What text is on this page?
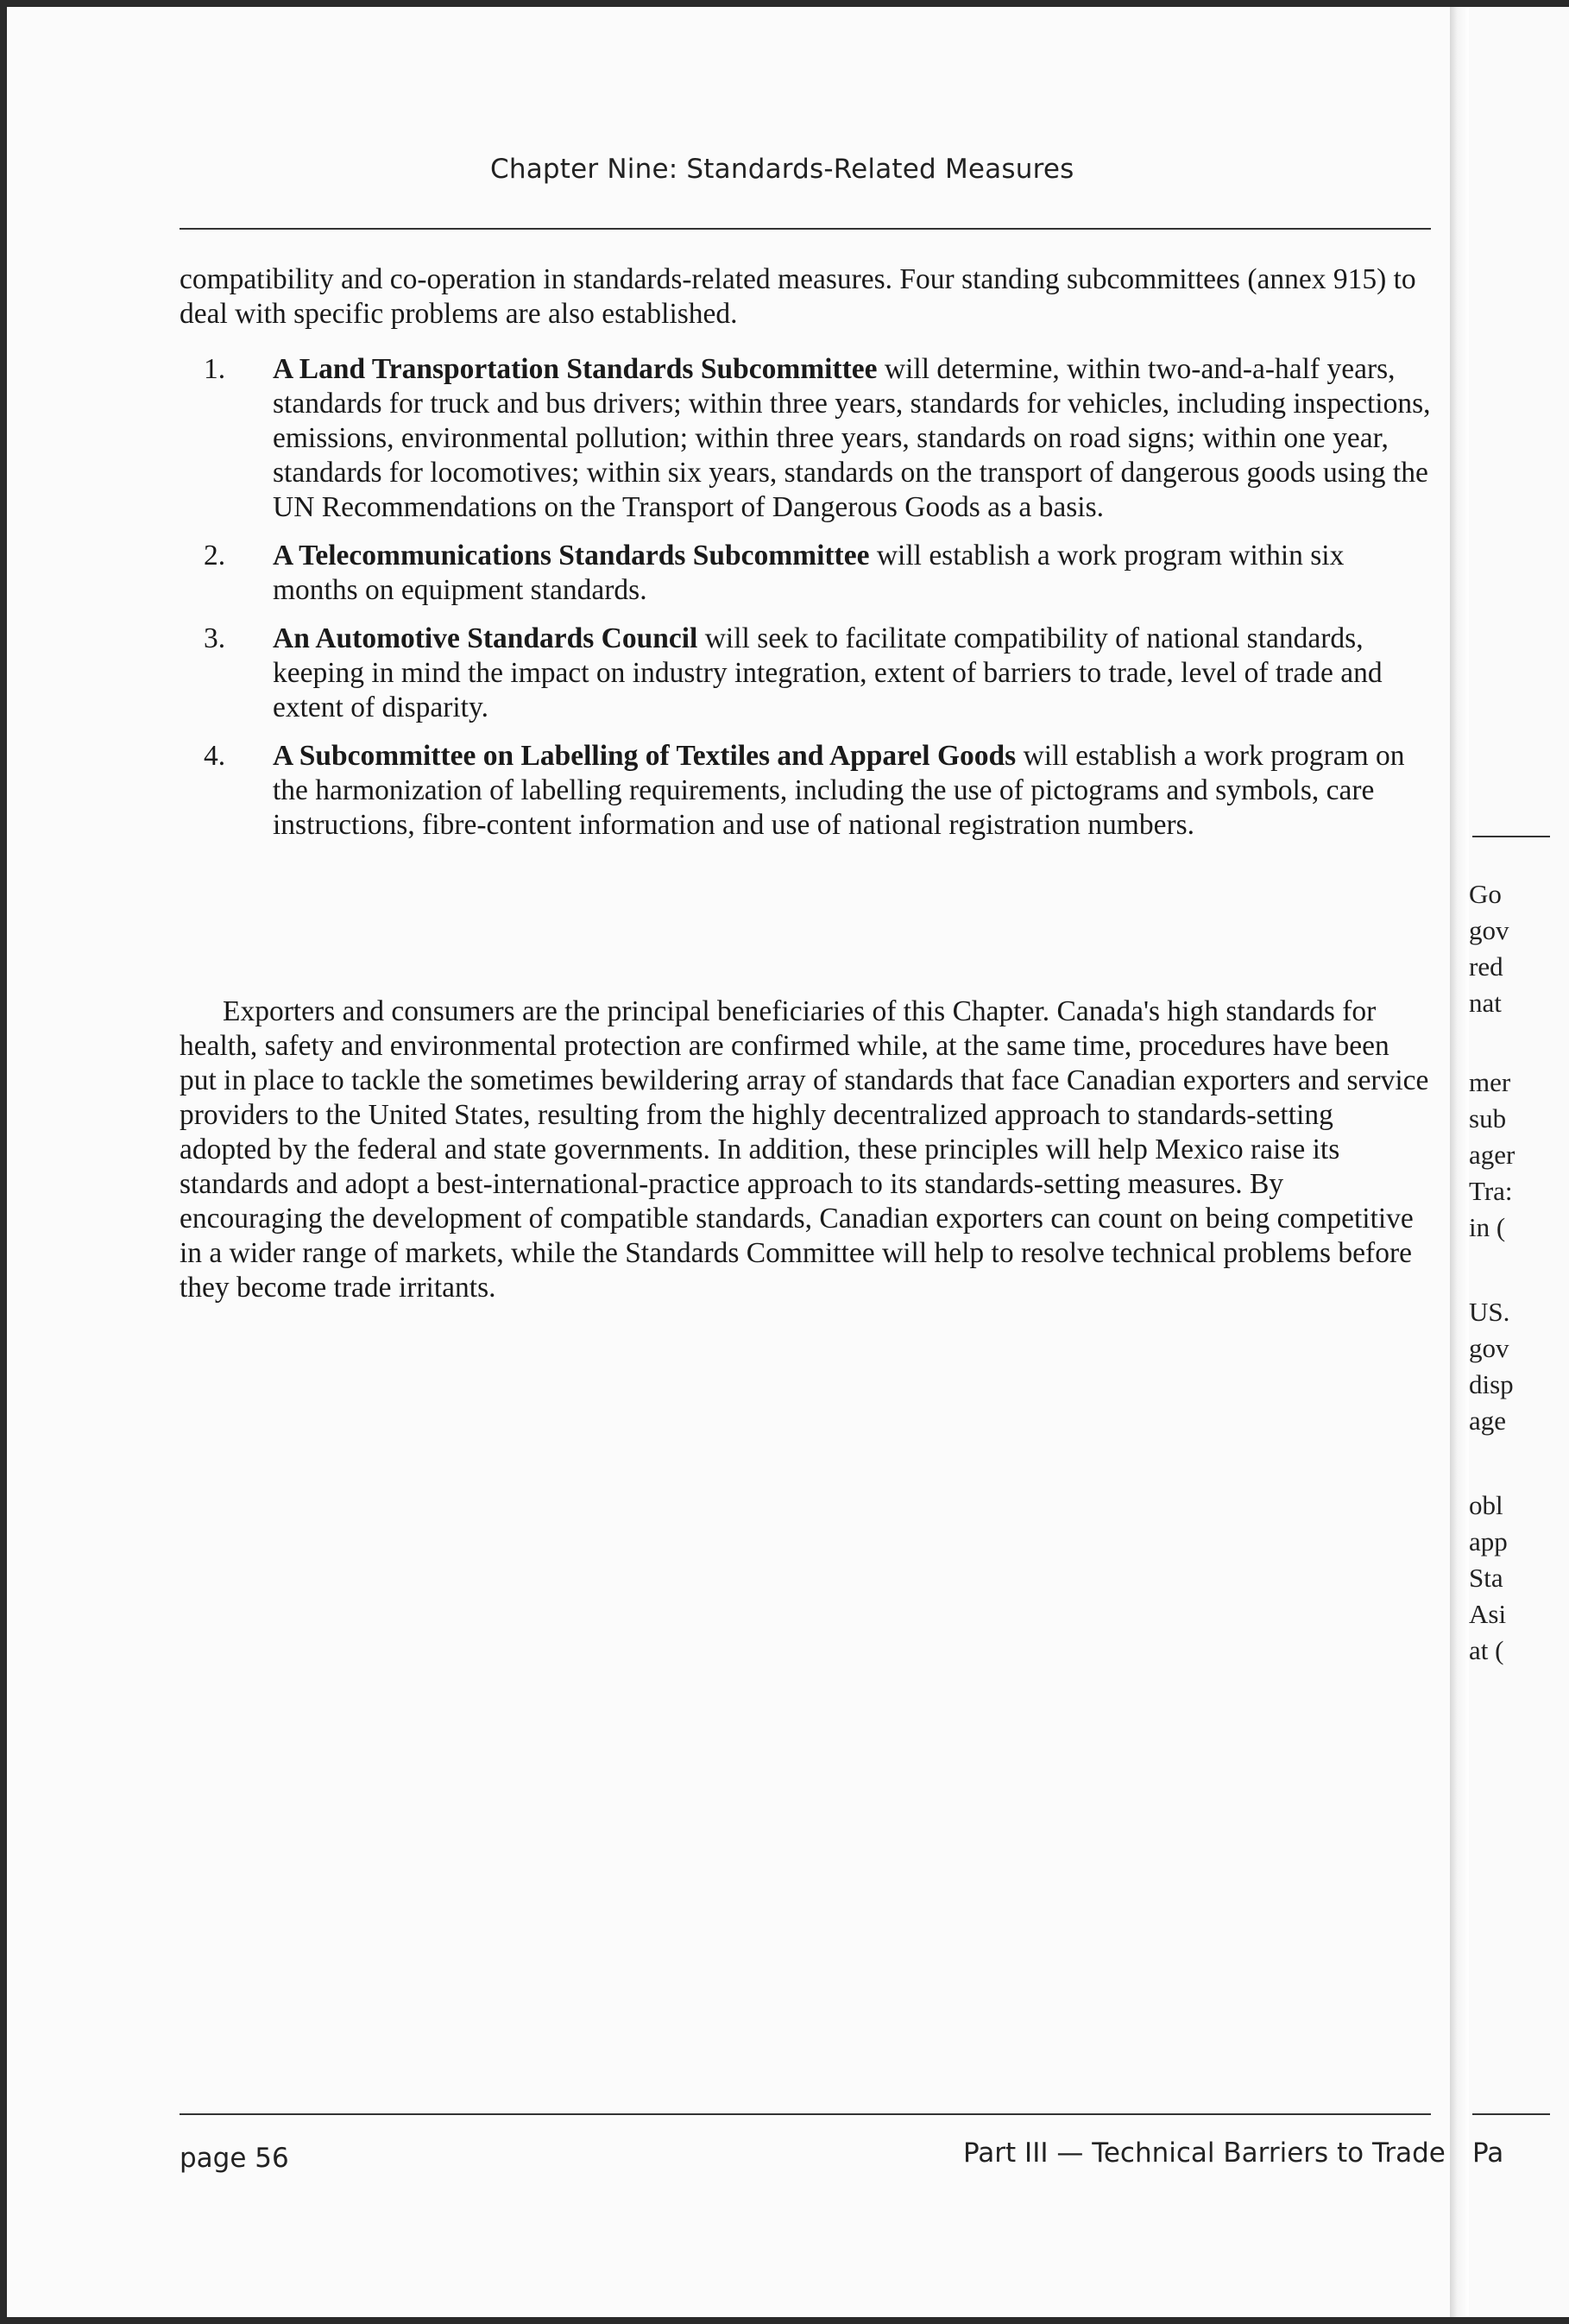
Chapter Nine: Standards-Related Measures
compatibility and co-operation in standards-related measures. Four standing subcommittees (annex 915) to deal with specific problems are also established.
1. A Land Transportation Standards Subcommittee will determine, within two-and-a-half years, standards for truck and bus drivers; within three years, standards for vehicles, including inspections, emissions, environmental pollution; within three years, standards on road signs; within one year, standards for locomotives; within six years, standards on the transport of dangerous goods using the UN Recommendations on the Transport of Dangerous Goods as a basis.
2. A Telecommunications Standards Subcommittee will establish a work program within six months on equipment standards.
3. An Automotive Standards Council will seek to facilitate compatibility of national standards, keeping in mind the impact on industry integration, extent of barriers to trade, level of trade and extent of disparity.
4. A Subcommittee on Labelling of Textiles and Apparel Goods will establish a work program on the harmonization of labelling requirements, including the use of pictograms and symbols, care instructions, fibre-content information and use of national registration numbers.
Exporters and consumers are the principal beneficiaries of this Chapter. Canada's high standards for health, safety and environmental protection are confirmed while, at the same time, procedures have been put in place to tackle the sometimes bewildering array of standards that face Canadian exporters and service providers to the United States, resulting from the highly decentralized approach to standards-setting adopted by the federal and state governments. In addition, these principles will help Mexico raise its standards and adopt a best-international-practice approach to its standards-setting measures. By encouraging the development of compatible standards, Canadian exporters can count on being competitive in a wider range of markets, while the Standards Committee will help to resolve technical problems before they become trade irritants.
page 56	Part III — Technical Barriers to Trade
Go
gov
red
nat
mer
sub
ager
Tra:
in (
US.
gov
disp
age
obl
app
Sta
Asi
at (
Pa
